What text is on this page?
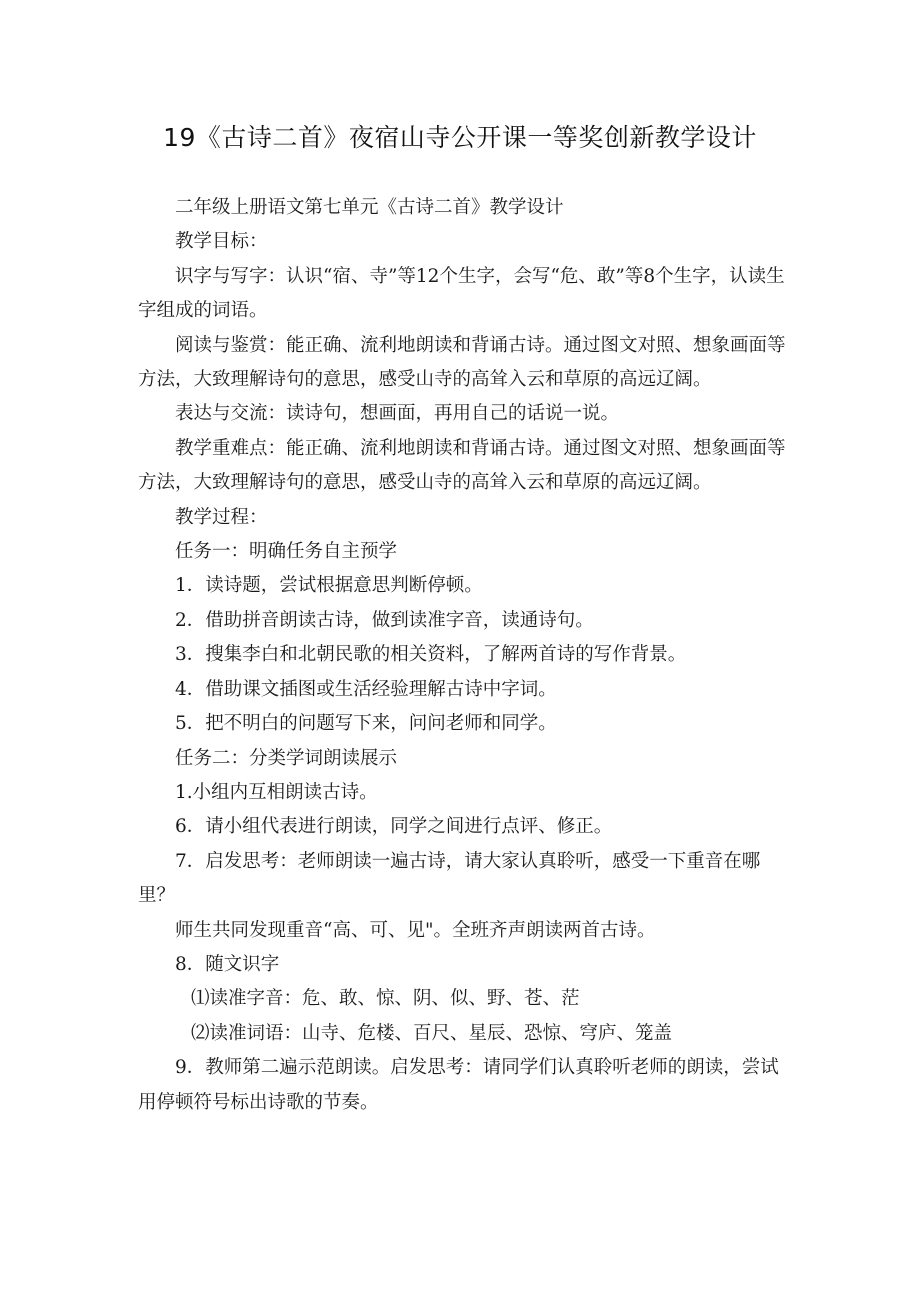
19《古诗二首》夜宿山寺公开课一等奖创新教学设计

二年级上册语文第七单元《古诗二首》教学设计

教学目标：

识字与写字：认识“宿、寺”等12个生字，会写“危、敢”等8个生字，认读生字组成的词语。

阅读与鉴赏：能正确、流利地朗读和背诵古诗。通过图文对照、想象画面等方法，大致理解诗句的意思，感受山寺的高耸入云和草原的高远辽阔。

表达与交流：读诗句，想画面，再用自己的话说一说。

教学重难点：能正确、流利地朗读和背诵古诗。通过图文对照、想象画面等方法，大致理解诗句的意思，感受山寺的高耸入云和草原的高远辽阔。

教学过程：

任务一：明确任务自主预学

1．读诗题，尝试根据意思判断停顿。

2．借助拼音朗读古诗，做到读准字音，读通诗句。

3．搜集李白和北朝民歌的相关资料，了解两首诗的写作背景。

4．借助课文插图或生活经验理解古诗中字词。

5．把不明白的问题写下来，问问老师和同学。

任务二：分类学词朗读展示

1.小组内互相朗读古诗。

6．请小组代表进行朗读，同学之间进行点评、修正。

7．启发思考：老师朗读一遍古诗，请大家认真聆听，感受一下重音在哪里？

师生共同发现重音“高、可、见"。全班齐声朗读两首古诗。

8．随文识字

⑴读准字音：危、敢、惊、阴、似、野、苍、茫

⑵读准词语：山寺、危楼、百尺、星辰、恐惊、穹庐、笼盖

9．教师第二遍示范朗读。启发思考：请同学们认真聆听老师的朗读，尝试用停顿符号标出诗歌的节奏。
